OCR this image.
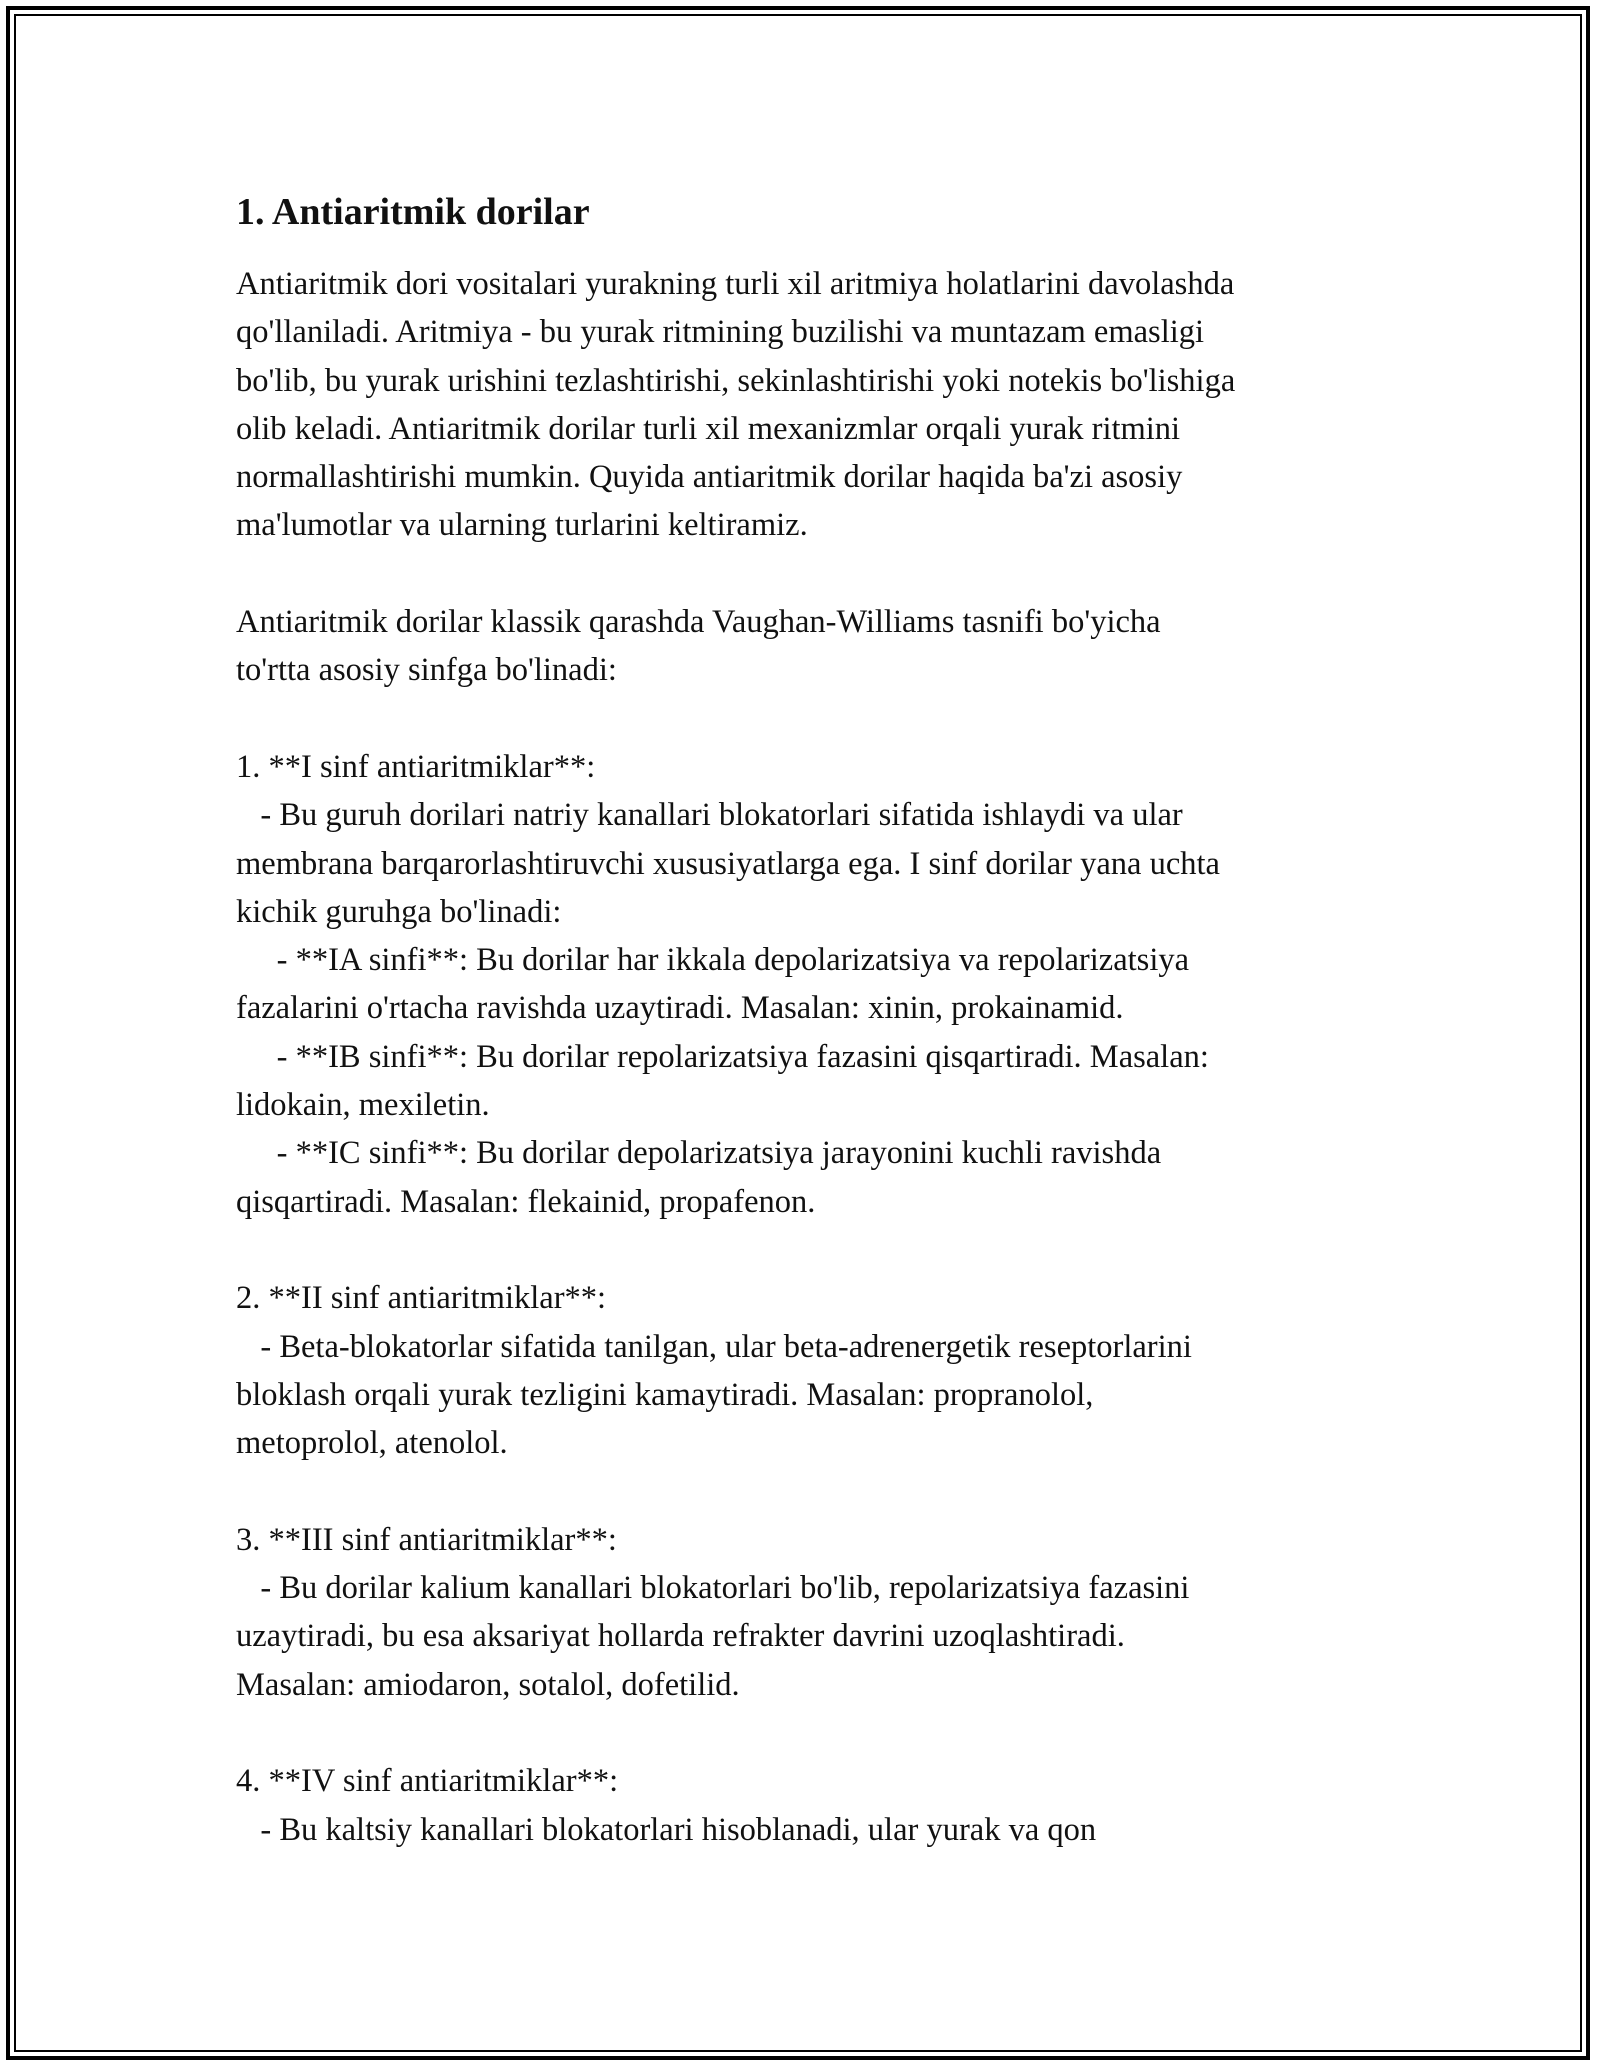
1. Antiaritmik dorilar

Antiaritmik dori vositalari yurakning turli xil aritmiya holatlarini davolashda
qo'llaniladi. Aritmiya - bu yurak ritmining buzilishi va muntazam emasligi
bo'lib, bu yurak urishini tezlashtirishi, sekinlashtirishi yoki notekis bo'lishiga
olib keladi. Antiaritmik dorilar turli xil mexanizmlar orqali yurak ritmini
normallashtirishi mumkin. Quyida antiaritmik dorilar haqida ba'zi asosiy
ma'lumotlar va ularning turlarini keltiramiz.

Antiaritmik dorilar klassik qarashda Vaughan-Williams tasnifi bo'yicha
to'rtta asosiy sinfga bo'linadi:

1. **I sinf antiaritmiklar**:
- Bu guruh dorilari natriy kanallari blokatorlari sifatida ishlaydi va ular
membrana barqarorlashtiruvchi xususiyatlarga ega. I sinf dorilar yana uchta
kichik guruhga bo'linadi:
- **IA sinfi**: Bu dorilar har ikkala depolarizatsiya va repolarizatsiya
fazalarini o'rtacha ravishda uzaytiradi. Masalan: xinin, prokainamid.
- **IB sinfi**: Bu dorilar repolarizatsiya fazasini qisqartiradi. Masalan:
lidokain, mexiletin.
- **IC sinfi**: Bu dorilar depolarizatsiya jarayonini kuchli ravishda
qisqartiradi. Masalan: flekainid, propafenon.

2. **II sinf antiaritmiklar**:
- Beta-blokatorlar sifatida tanilgan, ular beta-adrenergetik reseptorlarini
bloklash orqali yurak tezligini kamaytiradi. Masalan: propranolol,
metoprolol, atenolol.

3. **III sinf antiaritmiklar**:
- Bu dorilar kalium kanallari blokatorlari bo'lib, repolarizatsiya fazasini
uzaytiradi, bu esa aksariyat hollarda refrakter davrini uzoqlashtiradi.
Masalan: amiodaron, sotalol, dofetilid.

4. **IV sinf antiaritmiklar**:
- Bu kaltsiy kanallari blokatorlari hisoblanadi, ular yurak va qon
